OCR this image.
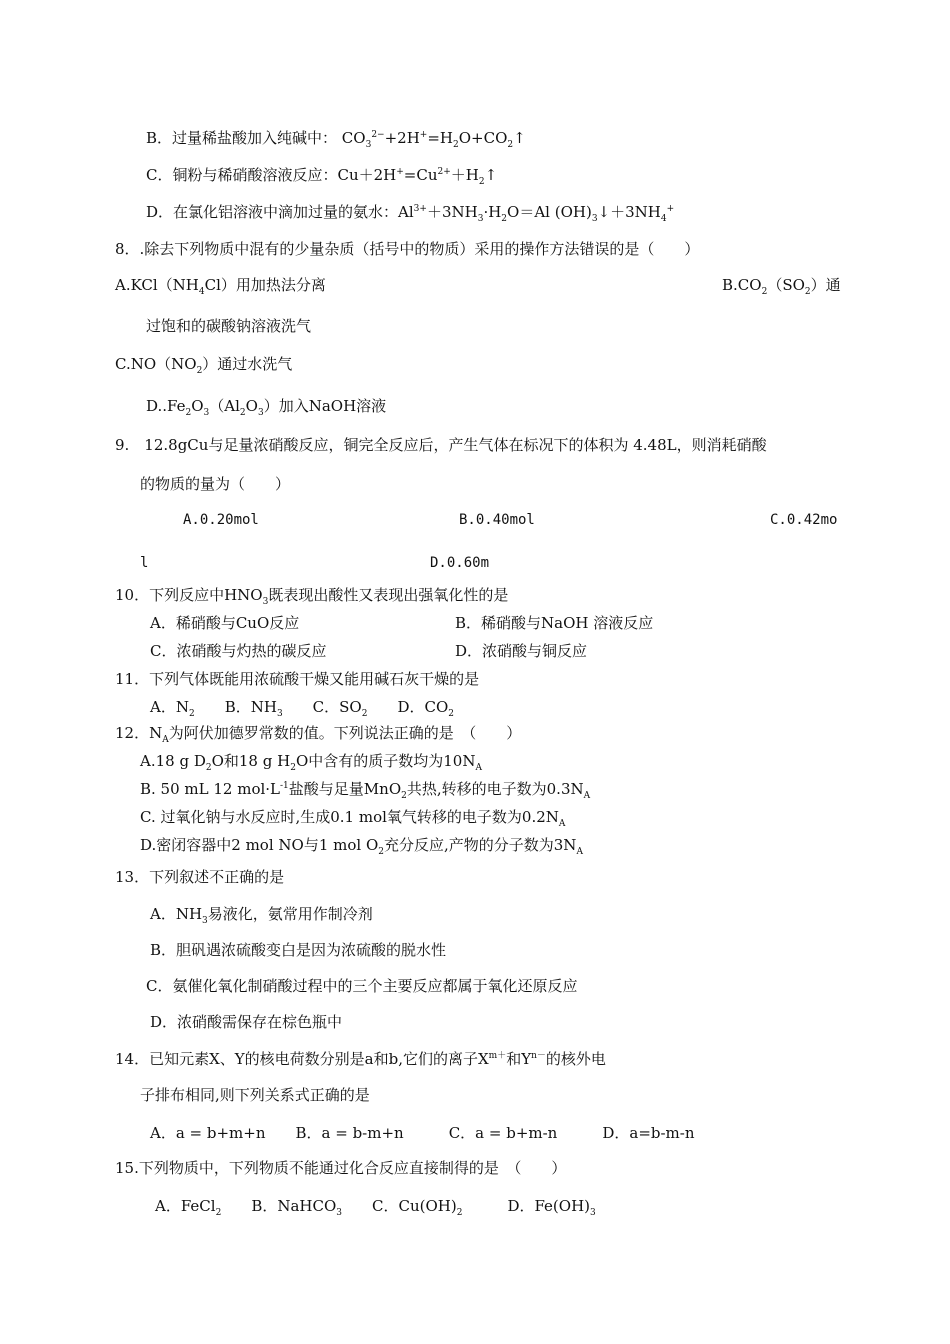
B．过量稀盐酸加入纯碱中： $CO_3^{2-}+2H^+=H_2O+CO_2↑$
C．铜粉与稀硝酸溶液反应：$Cu+2H^+=Cu^{2+}+H_2↑$
D．在氯化铝溶液中滴加过量的氨水：$Al^{3+}+3NH_3\cdot H_2O=Al$ $(OH)_3↓+3NH_4^+$
8．.除去下列物质中混有的少量杂质（括号中的物质）采用的操作方法错误的是（　　）
$A.KCl(NH_4Cl)$用加热法分离	$B.CO_2(SO_2)$通
过饱和的碳酸钠溶液洗气
$C.NO(NO_2)$通过水洗气
$D..Fe_2O_3(Al_2O_3)$加入NaOH溶液
9.　12.8gCu与足量浓硝酸反应，铜完全反应后，产生气体在标况下的体积为 4.48L，则消耗硝酸
的物质的量为（　　）
A.0.20mol	B.0.40mol	C.0.42mo
l	D.0.60m
10．下列反应中$HNO_3$既表现出酸性又表现出强氧化性的是
A．稀硝酸与CuO反应	B．稀硝酸与NaOH 溶液反应
C．浓硝酸与灼热的碳反应	D．浓硝酸与铜反应
11．下列气体既能用浓硫酸干燥又能用碱石灰干燥的是
A．$N_2$　　B．$NH_3$　　C．$SO_2$　　D．$CO_2$
12．$N_A$为阿伏加德罗常数的值。下列说法正确的是　（　　）
A.18 g $D_2O$和18 g $H_2O$中含有的质子数均为$10N_A$
B. 50 mL 12 $mol\cdot L^{-1}$盐酸与足量MnO$_2$共热,转移的电子数为$0.3N_A$
C. 过氧化钠与水反应时,生成0.1 mol氧气转移的电子数为$0.2N_A$
D.密闭容器中2 mol NO与1 mol $O_2$充分反应,产物的分子数为$3N_A$
13．下列叙述不正确的是
A．$NH_3$易液化，氨常用作制冷剂
B．胆矾遇浓硫酸变白是因为浓硫酸的脱水性
C．氨催化氧化制硝酸过程中的三个主要反应都属于氧化还原反应
D．浓硝酸需保存在棕色瓶中
14．已知元素X、Y的核电荷数分别是a和b,它们的离子$X^{m+}$和$Y^{n-}$的核外电
子排布相同,则下列关系式正确的是
A．a = b+m+n　　B．a = b-m+n　　　C．a = b+m-n　　　D．a=b-m-n
15.下列物质中，下列物质不能通过化合反应直接制得的是　（　　）
A．FeCl$_2$　　B．NaHCO$_3$　　C．$Cu(OH)_2$　　　D．$Fe(OH)_3$
